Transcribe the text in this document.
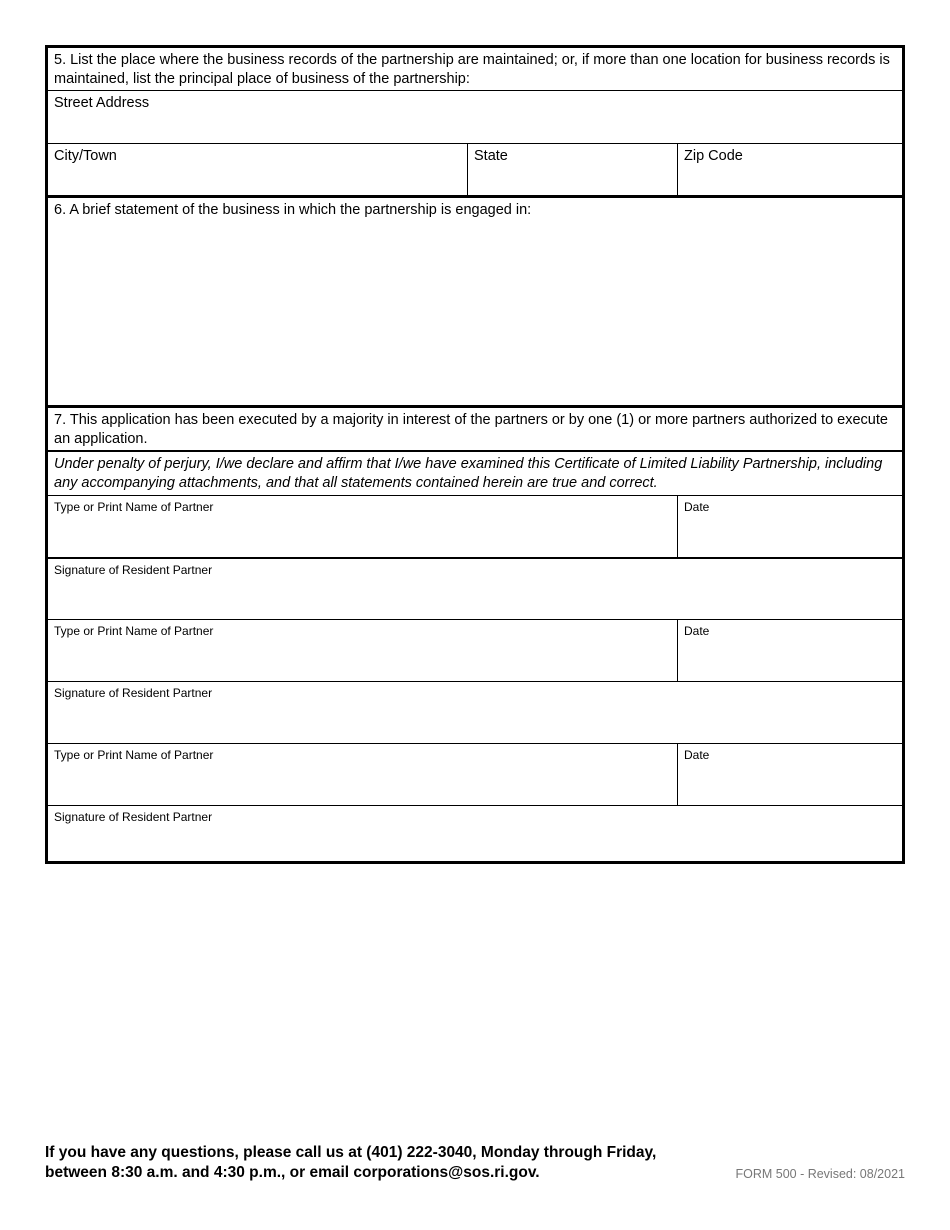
5. List the place where the business records of the partnership are maintained; or, if more than one location for business records is maintained, list the principal place of business of the partnership:
Street Address
City/Town	State	Zip Code
6. A brief statement of the business in which the partnership is engaged in:
7. This application has been executed by a majority in interest of the partners or by one (1) or more partners authorized to execute an application.
Under penalty of perjury, I/we declare and affirm that I/we have examined this Certificate of Limited Liability Partnership, including any accompanying attachments, and that all statements contained herein are true and correct.
Type or Print Name of Partner	Date
Signature of Resident Partner
Type or Print Name of Partner	Date
Signature of Resident Partner
Type or Print Name of Partner	Date
Signature of Resident Partner
If you have any questions, please call us at (401) 222-3040, Monday through Friday,
between 8:30 a.m. and 4:30 p.m., or email corporations@sos.ri.gov.	FORM 500 - Revised: 08/2021
